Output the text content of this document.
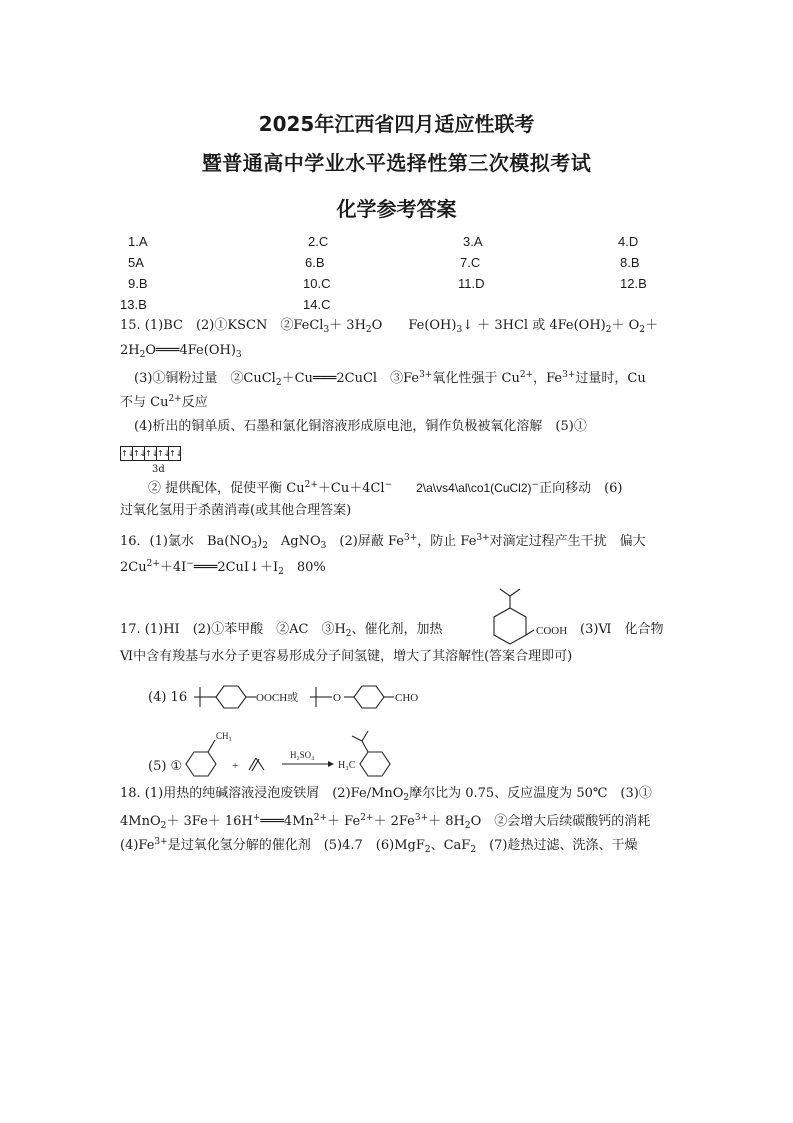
2025年江西省四月适应性联考
暨普通高中学业水平选择性第三次模拟考试
化学参考答案
1.A	2.C	3.A	4.D
5A	6.B	7.C	8.B
9.B	10.C	11.D	12.B
13.B	14.C
15. (1)BC　(2)①KSCN　②FeCl$_3$＋ $3H_2O$　　$Fe(OH)_3↓ + 3HCl$ 或 $4Fe(OH)_2+ O_2+$
$2H_2O═══4Fe(OH)_3$
(3)①铜粉过量　②CuCl$_2$＋Cu═══2CuCl　$③Fe^{3+}$氧化性强于 $Cu^{2+}$，$Fe^{3+}$过量时，Cu
不与 $Cu^{2+}$反应
(4)析出的铜单质、石墨和氯化铜溶液形成原电池，铜作负极被氧化溶解　(5)①
↑↓
↑↓
↑↓
↑↓
↑↓
3d
② 提供配体，促使平衡 $Cu^{2+}+Cu+4Cl^-$　　2\a\vs4\al\co1(CuCl2)−正向移动　(6)
过氧化氢用于杀菌消毒(或其他合理答案)
16．(1)氯水　$Ba(NO_3)_2$　AgNO$_3$　(2)屏蔽 $Fe^{3+}$，防止 $Fe^{3+}$对滴定过程产生干扰　偏大
$2Cu^{2+}+4I^-═══2CuI↓+I_2$　80%
17. (1)HI　(2)①苯甲酸　②AC　$③H_2$、催化剂，加热	(3)Ⅵ　化合物
COOH
Ⅵ中含有羧基与水分子更容易形成分子间氢键，增大了其溶解性(答案合理即可)
(4) 16	OOCH或	O	CHO
(5) ①
CH₃
+
H₂SO₄
H₃C
18. (1)用热的纯碱溶液浸泡废铁屑　(2)Fe/MnO$_2$摩尔比为 0.75、反应温度为 50℃　(3)①
$4MnO_2+ 3Fe+ 16H^+═══4Mn^{2+}+ Fe^{2+}+ 2Fe^{3+}+ 8H_2O$　②会增大后续碳酸钙的消耗
$(4)Fe^{3+}$是过氧化氢分解的催化剂　(5)4.7　(6)MgF$_2$、CaF$_2$　(7)趁热过滤、洗涤、干燥
